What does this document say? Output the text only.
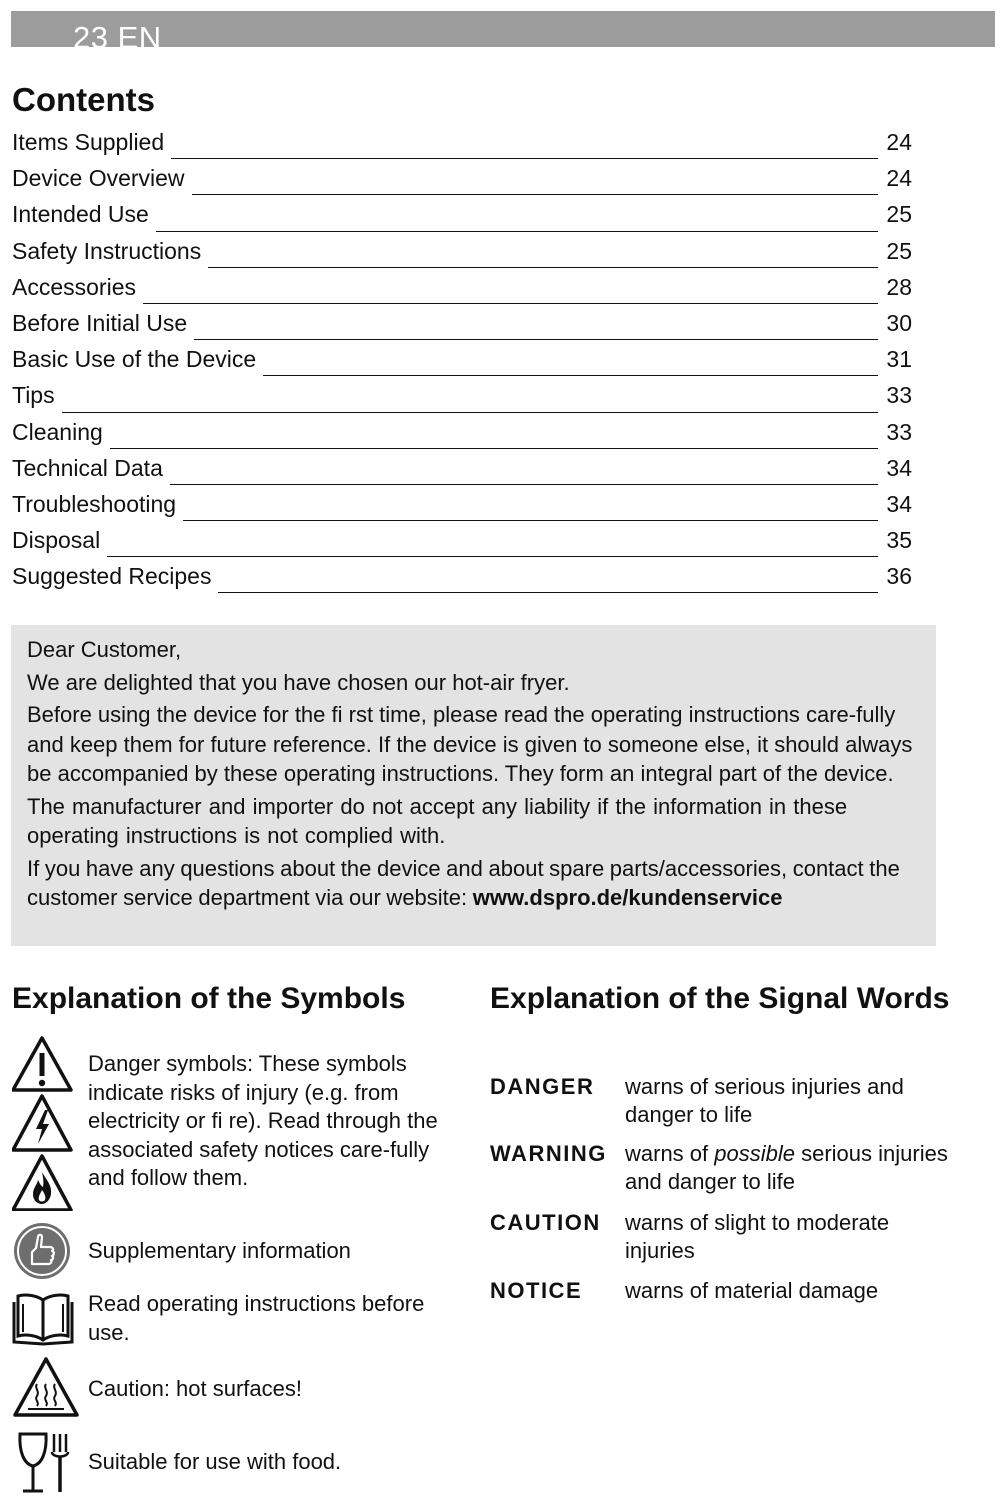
23 EN
Contents
Items Supplied	24
Device Overview	24
Intended Use	25
Safety Instructions	25
Accessories	28
Before Initial Use	30
Basic Use of the Device	31
Tips	33
Cleaning	33
Technical Data	34
Troubleshooting	34
Disposal	35
Suggested Recipes	36

Dear Customer,

We are delighted that you have chosen our hot-air fryer.

Before using the device for the fi rst time, please read the operating instructions care-fully and keep them for future reference. If the device is given to someone else, it should always be accompanied by these operating instructions. They form an integral part of the device.

The manufacturer and importer do not accept any liability if the information in these operating instructions is not complied with.

If you have any questions about the device and about spare parts/accessories, contact the customer service department via our website: www.dspro.de/kundenservice

Explanation of the Symbols
Danger symbols: These symbols indicate risks of injury (e.g. from electricity or fi re). Read through the associated safety notices care-fully and follow them.
Supplementary information
Read operating instructions before use.
Caution: hot surfaces!
Suitable for use with food.
Explanation of the Signal Words
DANGER warns of serious injuries and danger to life
WARNING warns of possible serious injuries and danger to life
CAUTION warns of slight to moderate injuries
NOTICE warns of material damage
